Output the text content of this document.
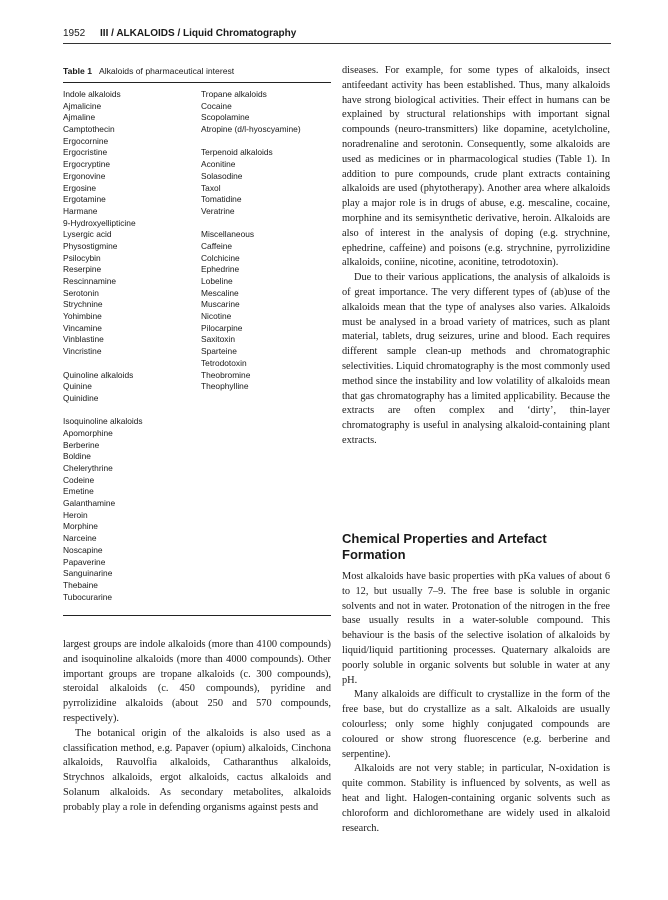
1952 III / ALKALOIDS / Liquid Chromatography
Table 1 Alkaloids of pharmaceutical interest
Indole alkaloids
Ajmalicine
Ajmaline
Camptothecin
Ergocornine
Ergocristine
Ergocryptine
Ergonovine
Ergosine
Ergotamine
Harmane
9-Hydroxyellipticine
Lysergic acid
Physostigmine
Psilocybin
Reserpine
Rescinnamine
Serotonin
Strychnine
Yohimbine
Vincamine
Vinblastine
Vincristine
Quinoline alkaloids
Quinine
Quinidine
Isoquinoline alkaloids
Apomorphine
Berberine
Boldine
Chelerythrine
Codeine
Emetine
Galanthamine
Heroin
Morphine
Narceine
Noscapine
Papaverine
Sanguinarine
Thebaine
Tubocurarine
Tropane alkaloids
Cocaine
Scopolamine
Atropine (d/l-hyoscyamine)
Terpenoid alkaloids
Aconitine
Solasodine
Taxol
Tomatidine
Veratrine
Miscellaneous
Caffeine
Colchicine
Ephedrine
Lobeline
Mescaline
Muscarine
Nicotine
Pilocarpine
Saxitoxin
Sparteine
Tetrodotoxin
Theobromine
Theophylline

largest groups are indole alkaloids (more than 4100 compounds) and isoquinoline alkaloids (more than 4000 compounds). Other important groups are tropane alkaloids (c. 300 compounds), steroidal alkaloids (c. 450 compounds), pyridine and pyrrolizidine alkaloids (about 250 and 570 compounds, respectively).

The botanical origin of the alkaloids is also used as a classification method, e.g. Papaver (opium) alkaloids, Cinchona alkaloids, Rauvolfia alkaloids, Catharanthus alkaloids, Strychnos alkaloids, ergot alkaloids, cactus alkaloids and Solanum alkaloids. As secondary metabolites, alkaloids probably play a role in defending organisms against pests and

diseases. For example, for some types of alkaloids, insect antifeedant activity has been established. Thus, many alkaloids have strong biological activities. Their effect in humans can be explained by structural relationships with important signal compounds (neuro-transmitters) like dopamine, acetylcholine, noradrenaline and serotonin. Consequently, some alkaloids are used as medicines or in pharmacological studies (Table 1). In addition to pure compounds, crude plant extracts containing alkaloids are used (phytotherapy). Another area where alkaloids play a major role is in drugs of abuse, e.g. mescaline, cocaine, morphine and its semisynthetic derivative, heroin. Alkaloids are also of interest in the analysis of doping (e.g. strychnine, ephedrine, caffeine) and poisons (e.g. strychnine, pyrrolizidine alkaloids, coniine, nicotine, aconitine, tetrodotoxin).

Due to their various applications, the analysis of alkaloids is of great importance. The very different types of (ab)use of the alkaloids mean that the type of analyses also varies. Alkaloids must be analysed in a broad variety of matrices, such as plant material, tablets, drug seizures, urine and blood. Each requires different sample clean-up methods and chromatographic selectivities. Liquid chromatography is the most commonly used method since the instability and low volatility of alkaloids mean that gas chromatography has a limited applicability. Because the extracts are often complex and ‘dirty’, thin-layer chromatography is useful in analysing alkaloid-containing plant extracts.

Chemical Properties and Artefact Formation

Most alkaloids have basic properties with pKa values of about 6 to 12, but usually 7–9. The free base is soluble in organic solvents and not in water. Protonation of the nitrogen in the free base usually results in a water-soluble compound. This behaviour is the basis of the selective isolation of alkaloids by liquid/liquid partitioning processes. Quaternary alkaloids are poorly soluble in organic solvents but soluble in water at any pH.

Many alkaloids are difficult to crystallize in the form of the free base, but do crystallize as a salt. Alkaloids are usually colourless; only some highly conjugated compounds are coloured or show strong fluorescence (e.g. berberine and serpentine).

Alkaloids are not very stable; in particular, N-oxidation is quite common. Stability is influenced by solvents, as well as heat and light. Halogen-containing organic solvents such as chloroform and dichloromethane are widely used in alkaloid research.
